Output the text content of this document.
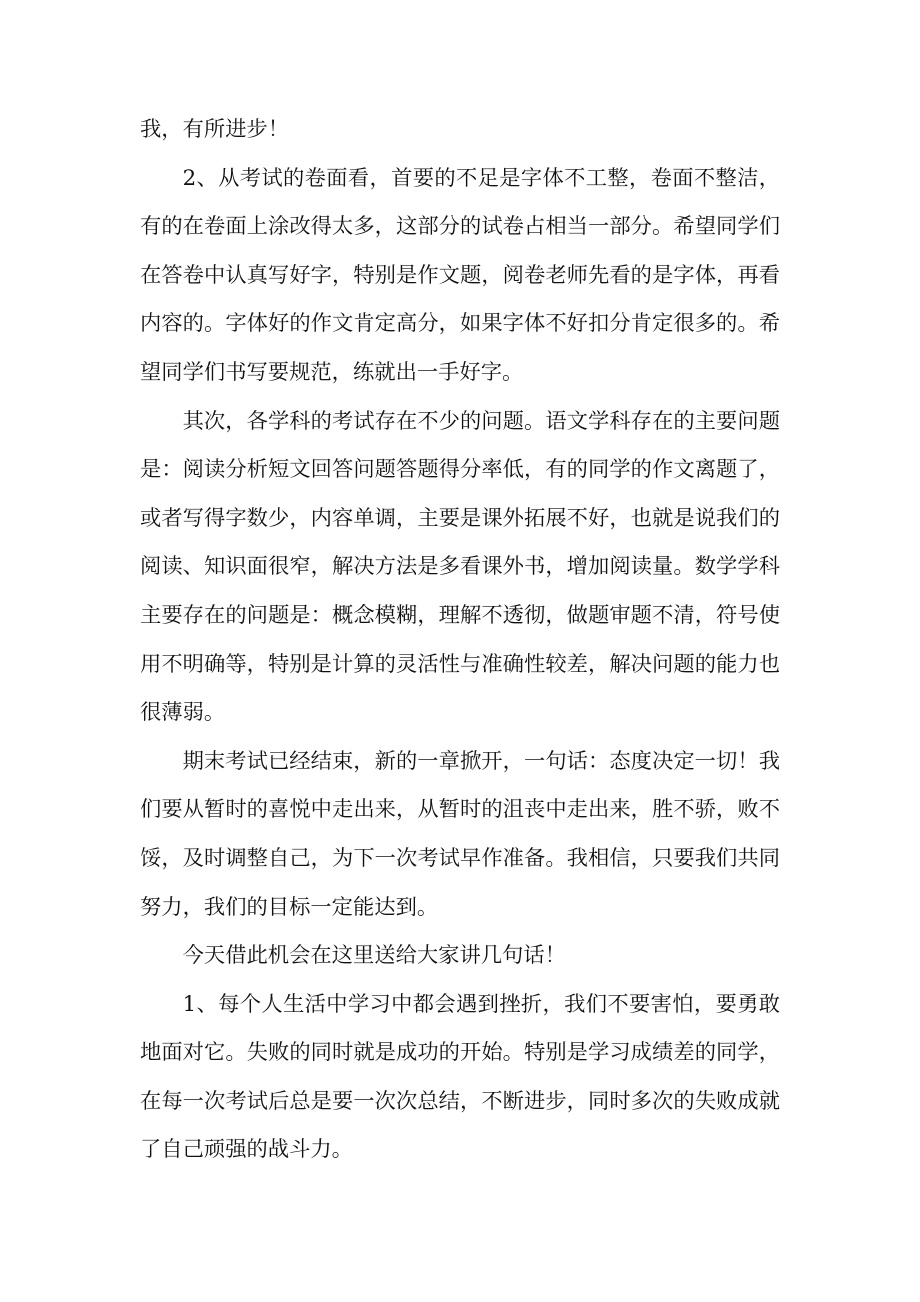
我，有所进步！

2、从考试的卷面看，首要的不足是字体不工整，卷面不整洁，有的在卷面上涂改得太多，这部分的试卷占相当一部分。希望同学们在答卷中认真写好字，特别是作文题，阅卷老师先看的是字体，再看内容的。字体好的作文肯定高分，如果字体不好扣分肯定很多的。希望同学们书写要规范，练就出一手好字。

其次，各学科的考试存在不少的问题。语文学科存在的主要问题是：阅读分析短文回答问题答题得分率低，有的同学的作文离题了，或者写得字数少，内容单调，主要是课外拓展不好，也就是说我们的阅读、知识面很窄，解决方法是多看课外书，增加阅读量。数学学科主要存在的问题是：概念模糊，理解不透彻，做题审题不清，符号使用不明确等，特别是计算的灵活性与准确性较差，解决问题的能力也很薄弱。

期末考试已经结束，新的一章掀开，一句话：态度决定一切！我们要从暂时的喜悦中走出来，从暂时的沮丧中走出来，胜不骄，败不馁，及时调整自己，为下一次考试早作准备。我相信，只要我们共同努力，我们的目标一定能达到。

今天借此机会在这里送给大家讲几句话！

1、每个人生活中学习中都会遇到挫折，我们不要害怕，要勇敢地面对它。失败的同时就是成功的开始。特别是学习成绩差的同学，在每一次考试后总是要一次次总结，不断进步，同时多次的失败成就了自己顽强的战斗力。
